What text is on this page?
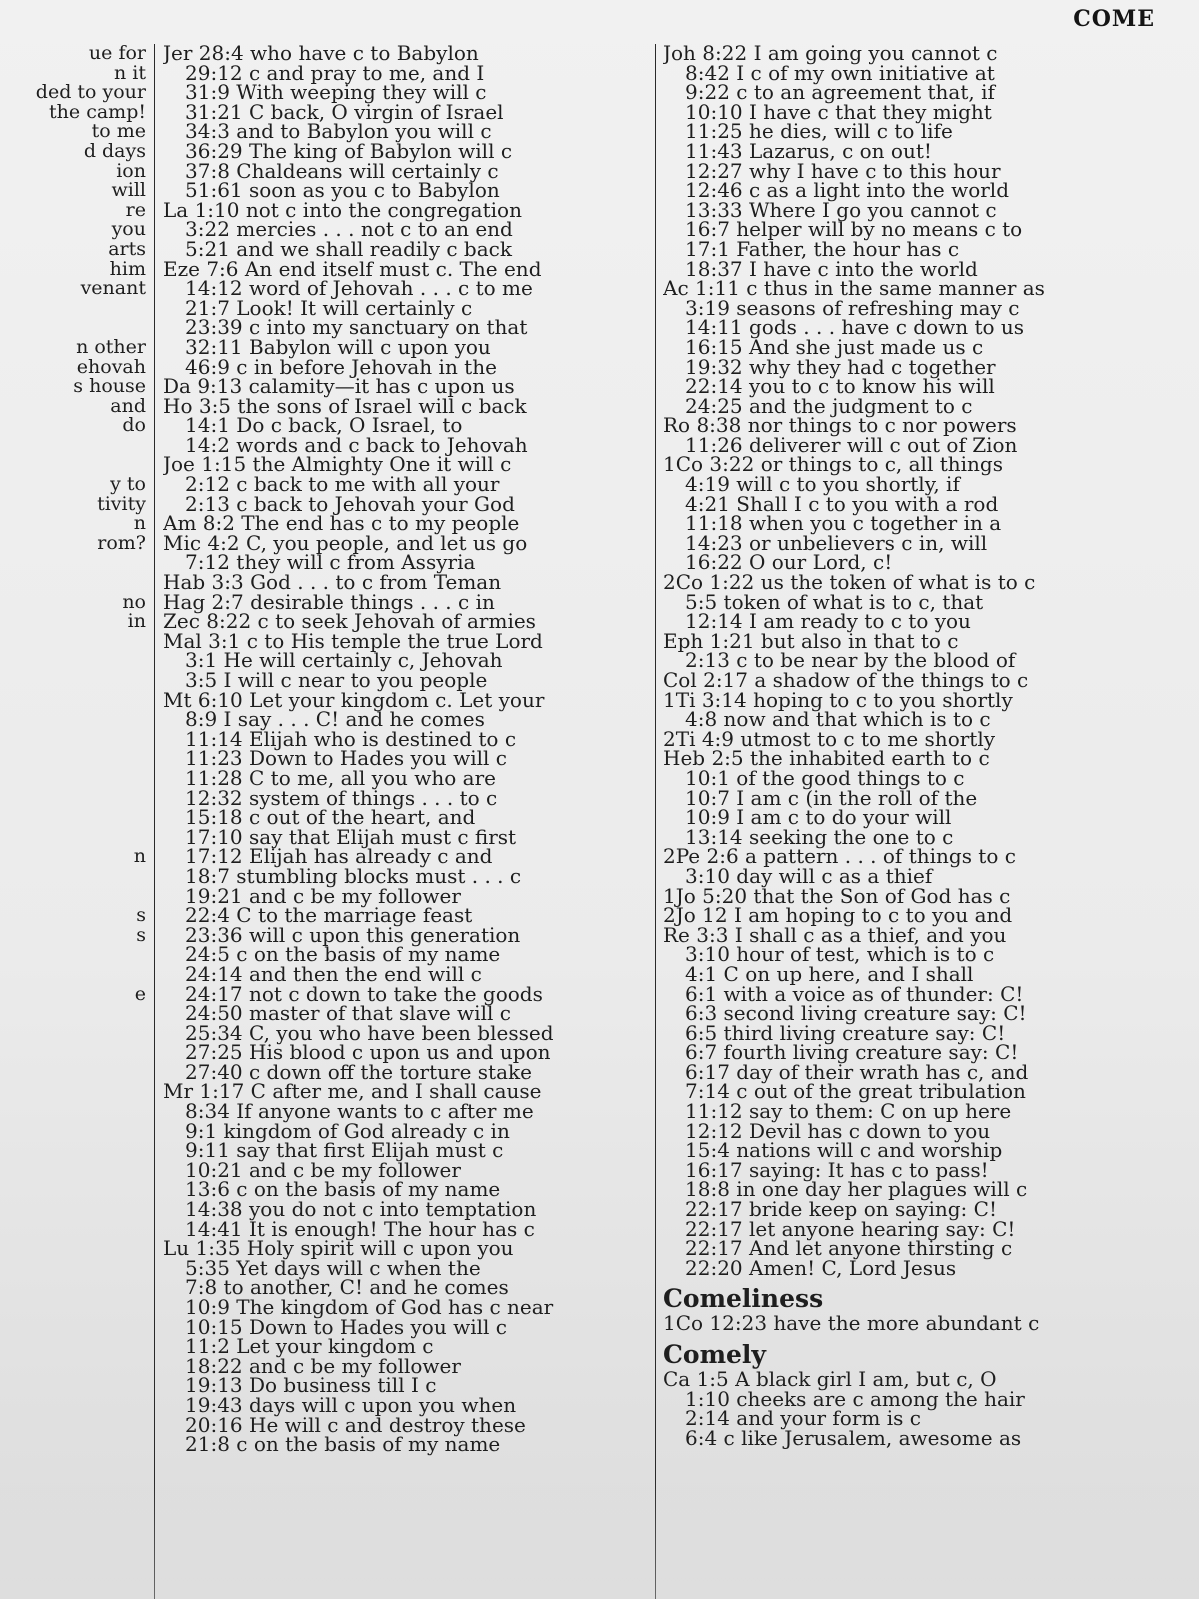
COME
ue for
n it
ded to your
the camp!
to me
d days
ion
will
re
you
arts
him
venant

n other
ehovah
s house
and
do

y to
tivity
n
rom?

no
in

n

s
s

e
Jer 28:4 who have c to Babylon
29:12 c and pray to me, and I
31:9 With weeping they will c
31:21 C back, O virgin of Israel
34:3 and to Babylon you will c
36:29 The king of Babylon will c
37:8 Chaldeans will certainly c
51:61 soon as you c to Babylon
La 1:10 not c into the congregation
3:22 mercies . . . not c to an end
5:21 and we shall readily c back
Eze 7:6 An end itself must c. The end
14:12 word of Jehovah . . . c to me
21:7 Look! It will certainly c
23:39 c into my sanctuary on that
32:11 Babylon will c upon you
46:9 c in before Jehovah in the
Da 9:13 calamity—it has c upon us
Ho 3:5 the sons of Israel will c back
14:1 Do c back, O Israel, to
14:2 words and c back to Jehovah
Joe 1:15 the Almighty One it will c
2:12 c back to me with all your
2:13 c back to Jehovah your God
Am 8:2 The end has c to my people
Mic 4:2 C, you people, and let us go
7:12 they will c from Assyria
Hab 3:3 God . . . to c from Teman
Hag 2:7 desirable things . . . c in
Zec 8:22 c to seek Jehovah of armies
Mal 3:1 c to His temple the true Lord
3:1 He will certainly c, Jehovah
3:5 I will c near to you people
Mt 6:10 Let your kingdom c. Let your
8:9 I say . . . C! and he comes
11:14 Elijah who is destined to c
11:23 Down to Hades you will c
11:28 C to me, all you who are
12:32 system of things . . . to c
15:18 c out of the heart, and
17:10 say that Elijah must c first
17:12 Elijah has already c and
18:7 stumbling blocks must . . . c
19:21 and c be my follower
22:4 C to the marriage feast
23:36 will c upon this generation
24:5 c on the basis of my name
24:14 and then the end will c
24:17 not c down to take the goods
24:50 master of that slave will c
25:34 C, you who have been blessed
27:25 His blood c upon us and upon
27:40 c down off the torture stake
Mr 1:17 C after me, and I shall cause
8:34 If anyone wants to c after me
9:1 kingdom of God already c in
9:11 say that first Elijah must c
10:21 and c be my follower
13:6 c on the basis of my name
14:38 you do not c into temptation
14:41 It is enough! The hour has c
Lu 1:35 Holy spirit will c upon you
5:35 Yet days will c when the
7:8 to another, C! and he comes
10:9 The kingdom of God has c near
10:15 Down to Hades you will c
11:2 Let your kingdom c
18:22 and c be my follower
19:13 Do business till I c
19:43 days will c upon you when
20:16 He will c and destroy these
21:8 c on the basis of my name
Joh 8:22 I am going you cannot c
8:42 I c of my own initiative at
9:22 c to an agreement that, if
10:10 I have c that they might
11:25 he dies, will c to life
11:43 Lazarus, c on out!
12:27 why I have c to this hour
12:46 c as a light into the world
13:33 Where I go you cannot c
16:7 helper will by no means c to
17:1 Father, the hour has c
18:37 I have c into the world
Ac 1:11 c thus in the same manner as
3:19 seasons of refreshing may c
14:11 gods . . . have c down to us
16:15 And she just made us c
19:32 why they had c together
22:14 you to c to know his will
24:25 and the judgment to c
Ro 8:38 nor things to c nor powers
11:26 deliverer will c out of Zion
1Co 3:22 or things to c, all things
4:19 will c to you shortly, if
4:21 Shall I c to you with a rod
11:18 when you c together in a
14:23 or unbelievers c in, will
16:22 O our Lord, c!
2Co 1:22 us the token of what is to c
5:5 token of what is to c, that
12:14 I am ready to c to you
Eph 1:21 but also in that to c
2:13 c to be near by the blood of
Col 2:17 a shadow of the things to c
1Ti 3:14 hoping to c to you shortly
4:8 now and that which is to c
2Ti 4:9 utmost to c to me shortly
Heb 2:5 the inhabited earth to c
10:1 of the good things to c
10:7 I am c (in the roll of the
10:9 I am c to do your will
13:14 seeking the one to c
2Pe 2:6 a pattern . . . of things to c
3:10 day will c as a thief
1Jo 5:20 that the Son of God has c
2Jo 12 I am hoping to c to you and
Re 3:3 I shall c as a thief, and you
3:10 hour of test, which is to c
4:1 C on up here, and I shall
6:1 with a voice as of thunder: C!
6:3 second living creature say: C!
6:5 third living creature say: C!
6:7 fourth living creature say: C!
6:17 day of their wrath has c, and
7:14 c out of the great tribulation
11:12 say to them: C on up here
12:12 Devil has c down to you
15:4 nations will c and worship
16:17 saying: It has c to pass!
18:8 in one day her plagues will c
22:17 bride keep on saying: C!
22:17 let anyone hearing say: C!
22:17 And let anyone thirsting c
22:20 Amen! C, Lord Jesus
Comeliness
1Co 12:23 have the more abundant c
Comely
Ca 1:5 A black girl I am, but c, O
1:10 cheeks are c among the hair
2:14 and your form is c
6:4 c like Jerusalem, awesome as
